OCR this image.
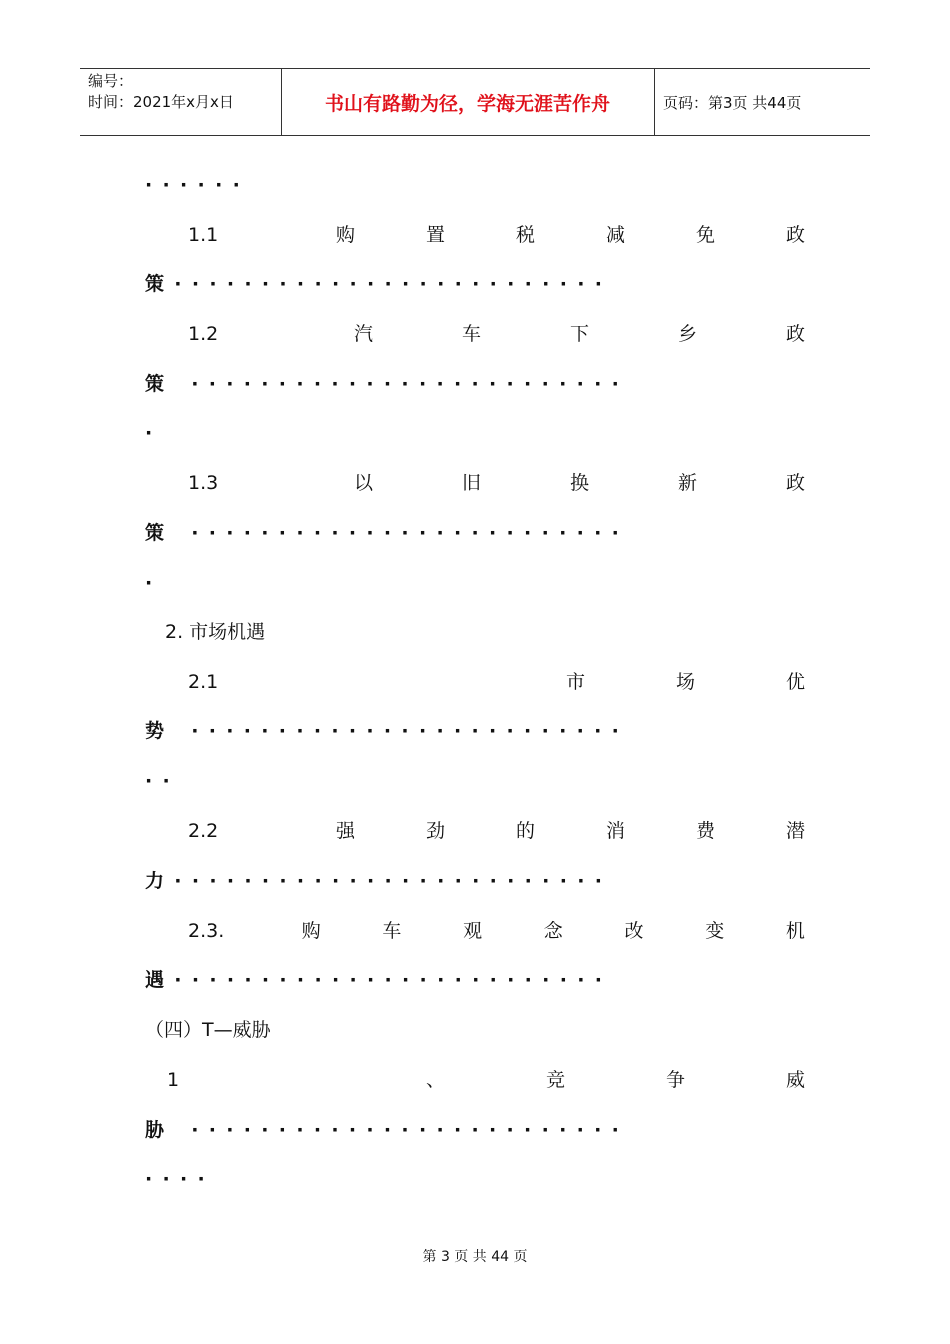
编号：
时间：2021年x月x日	书山有路勤为径，学海无涯苦作舟	页码：第3页 共44页
······
1.1	购	置	税	减	免	政
策·························
1.2	汽	车	下	乡	政
策 ·························
·
1.3	以	旧	换	新	政
策 ·························
·
2. 市场机遇
2.1	市	场	优
势 ·························
··
2.2	强	劲	的	消	费	潜
力·························
2.3.	购	车	观	念	改	变	机
遇·························
（四）T—威胁
1	、	竞	争	威
胁 ·························
····
第 3 页 共 44 页
